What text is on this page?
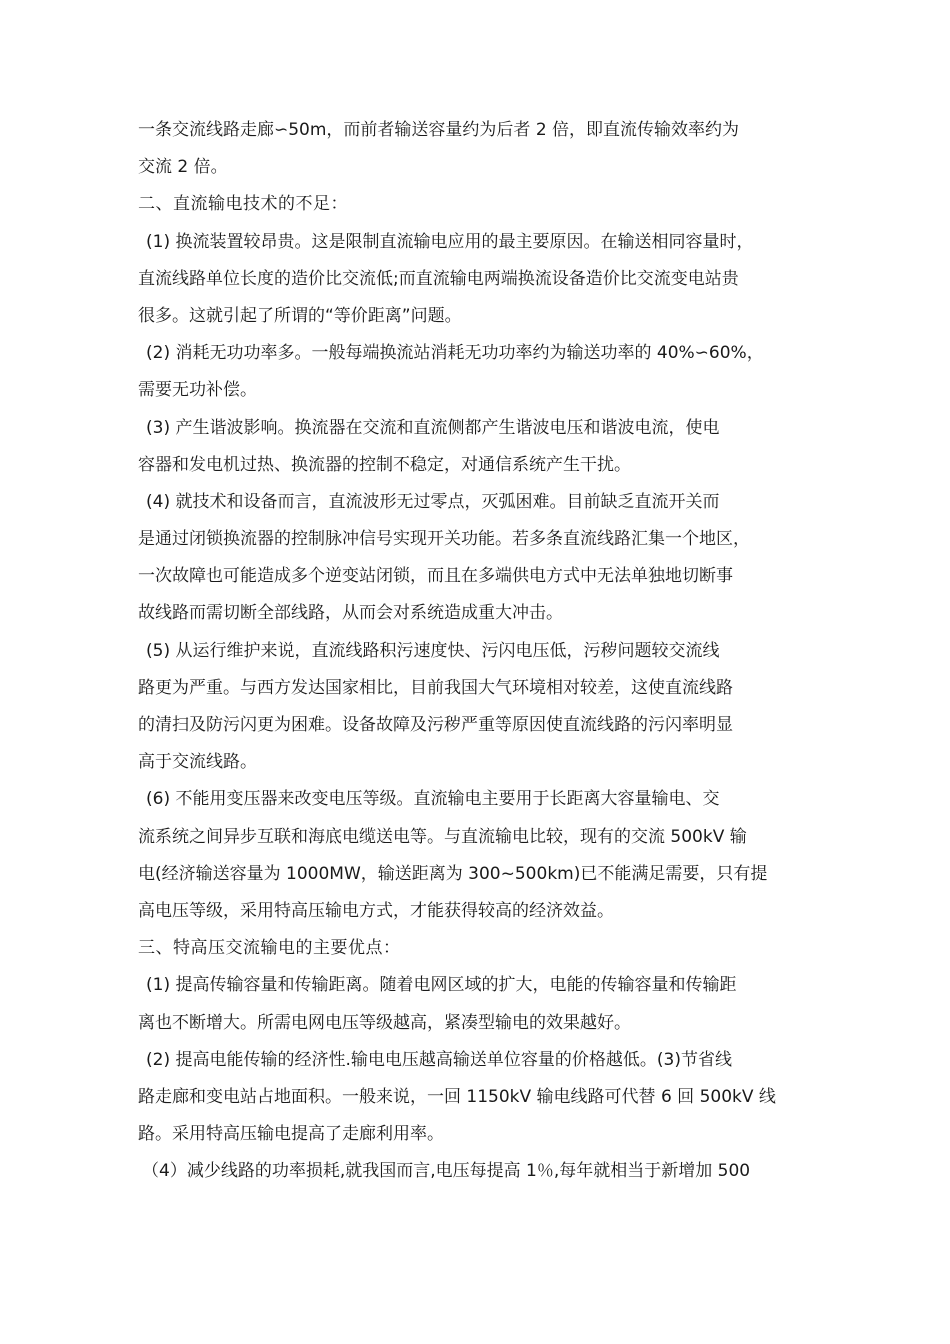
一条交流线路走廊∽50m，而前者输送容量约为后者 2 倍，即直流传输效率约为
交流 2 倍。
二、直流输电技术的不足：
(1) 换流装置较昂贵。这是限制直流输电应用的最主要原因。在输送相同容量时，
直流线路单位长度的造价比交流低;而直流输电两端换流设备造价比交流变电站贵
很多。这就引起了所谓的“等价距离”问题。
(2) 消耗无功功率多。一般每端换流站消耗无功功率约为输送功率的 40%∽60%，
需要无功补偿。
(3) 产生谐波影响。换流器在交流和直流侧都产生谐波电压和谐波电流，使电
容器和发电机过热、换流器的控制不稳定，对通信系统产生干扰。
(4) 就技术和设备而言，直流波形无过零点，灭弧困难。目前缺乏直流开关而
是通过闭锁换流器的控制脉冲信号实现开关功能。若多条直流线路汇集一个地区，
一次故障也可能造成多个逆变站闭锁，而且在多端供电方式中无法单独地切断事
故线路而需切断全部线路，从而会对系统造成重大冲击。
(5) 从运行维护来说，直流线路积污速度快、污闪电压低，污秽问题较交流线
路更为严重。与西方发达国家相比，目前我国大气环境相对较差，这使直流线路
的清扫及防污闪更为困难。设备故障及污秽严重等原因使直流线路的污闪率明显
高于交流线路。
(6) 不能用变压器来改变电压等级。直流输电主要用于长距离大容量输电、交
流系统之间异步互联和海底电缆送电等。与直流输电比较，现有的交流 500kV 输
电(经济输送容量为 1000MW，输送距离为 300~500km)已不能满足需要，只有提
高电压等级，采用特高压输电方式，才能获得较高的经济效益。
三、特高压交流输电的主要优点：
(1) 提高传输容量和传输距离。随着电网区域的扩大，电能的传输容量和传输距
离也不断增大。所需电网电压等级越高，紧凑型输电的效果越好。
(2) 提高电能传输的经济性.输电电压越高输送单位容量的价格越低。(3)节省线
路走廊和变电站占地面积。一般来说，一回 1150kV 输电线路可代替 6 回 500kV 线
路。采用特高压输电提高了走廊利用率。
（4）减少线路的功率损耗,就我国而言,电压每提高 1％,每年就相当于新增加 500
